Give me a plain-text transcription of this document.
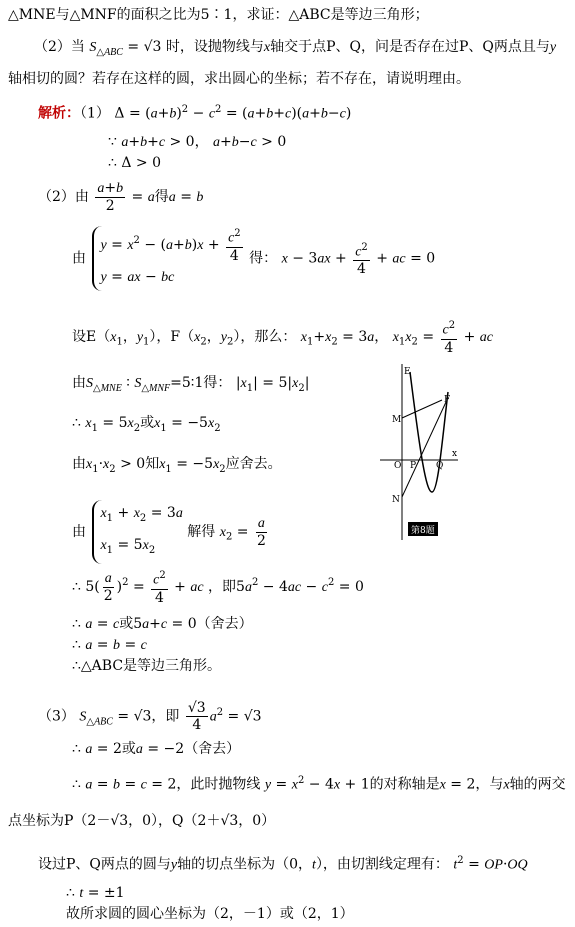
△MNE与△MNF的面积之比为5∶1，求证：△ABC是等边三角形；
（2）当 $S_{\triangle ABC} = √3$ 时，设抛物线与x轴交于点P、Q，问是否存在过P、Q两点且与y
轴相切的圆？若存在这样的圆，求出圆心的坐标；若不存在，请说明理由。
解析：（1） $\Delta = (a+b)^2 - c^2 = (a+b+c)(a+b-c)$
∵ a+b+c > 0， a+b−c > 0
∴ Δ > 0
（2）由 $\frac{a+b}{2} = a$得a = b
由
$y = x^2 - (a+b)x + \frac{c^2}{4}$
y = ax − bc
得： $x - 3ax + \frac{c^2}{4}$ + ac = 0
设$E(x_1$，$y_1$），$F(x_2$，$y_2$），那么： $x_1+x_2 = 3a$， $x_1x_2 = \frac{c^2}{4}$ + ac
由$S_{\triangle MNE}$ ∶ $S_{\triangle MNF}=5∶1$得： $|x_1| = 5|x_2|$
∴ $x_1 = 5x_2$或$x_1 = -5x_2$
由$x_1\cdot x_2 > 0$知$x_1 = -5x_2$应舍去。
由
$x_1 + x_2 = 3a$
$x_1 = 5x_2$
解得 $x_2 = \frac{a}{2}$
∴ $5( \frac{a}{2} )^2 = \frac{c^2}{4}$ + ac ，即$5a^2 - 4ac - c^2 = 0$
∴ a = c或5a+c = 0（舍去）
∴ a = b = c
∴△ABC是等边三角形。
（3） $S_{\triangle ABC} = √3$，即 $\frac{√3}{4} a^2 = √3$
∴ a = 2或a = −2（舍去）
∴ a = b = c = 2，此时抛物线 $y = x^2 - 4x + 1$的对称轴是x = 2，与x轴的两交
点坐标为P（2－√3，0），Q（2＋√3，0）
设过P、Q两点的圆与y轴的切点坐标为（0，t），由切割线定理有： $t^2 = OP\cdot OQ$
∴ t = ±1
故所求圆的圆心坐标为（2，－1）或（2，1）
E
M
N
O P Q
F
x
第8题
